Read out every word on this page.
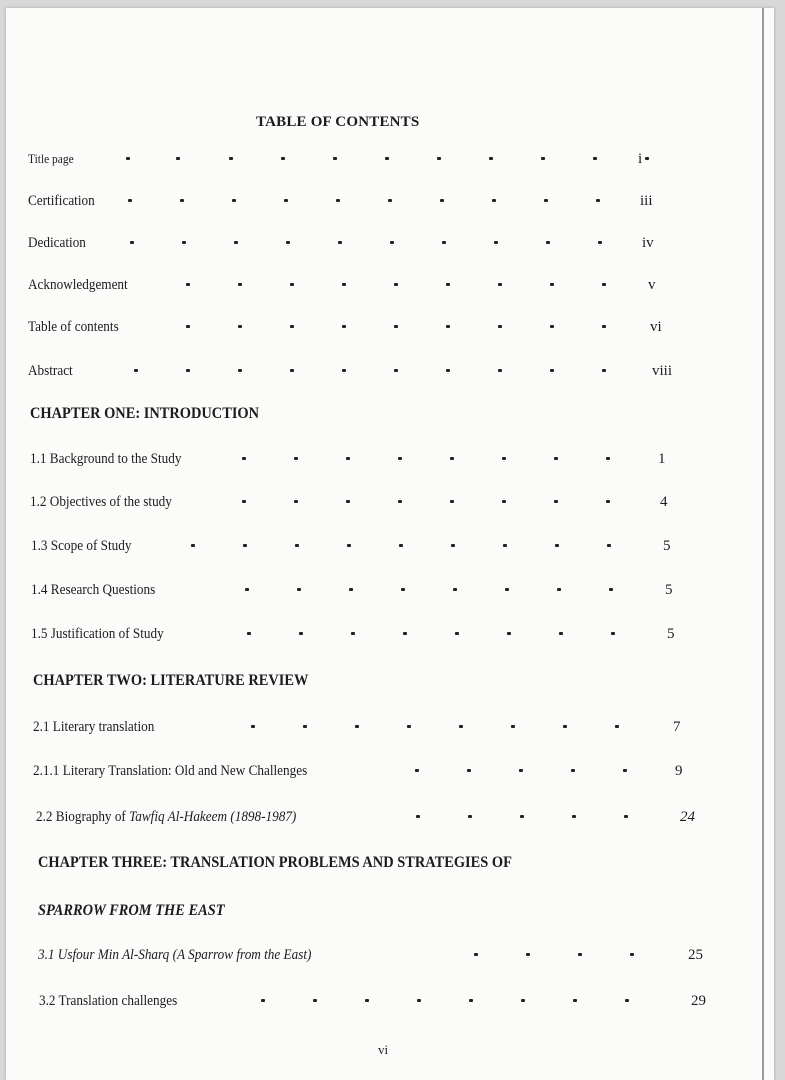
TABLE OF CONTENTS
Title page	i
Certification	iii
Dedication	iv
Acknowledgement	v
Table of contents	vi
Abstract	viii
CHAPTER ONE: INTRODUCTION
1.1 Background to the Study	1
1.2 Objectives of the study	4
1.3 Scope of Study	5
1.4 Research Questions	5
1.5 Justification of Study	5
CHAPTER TWO: LITERATURE REVIEW
2.1 Literary translation	7
2.1.1 Literary Translation: Old and New Challenges	9
2.2 Biography of Tawfiq Al-Hakeem (1898-1987)	24
CHAPTER THREE: TRANSLATION PROBLEMS AND STRATEGIES OF
SPARROW FROM THE EAST
3.1 Usfour Min Al-Sharq (A Sparrow from the East)	25
3.2 Translation challenges	29
vi
